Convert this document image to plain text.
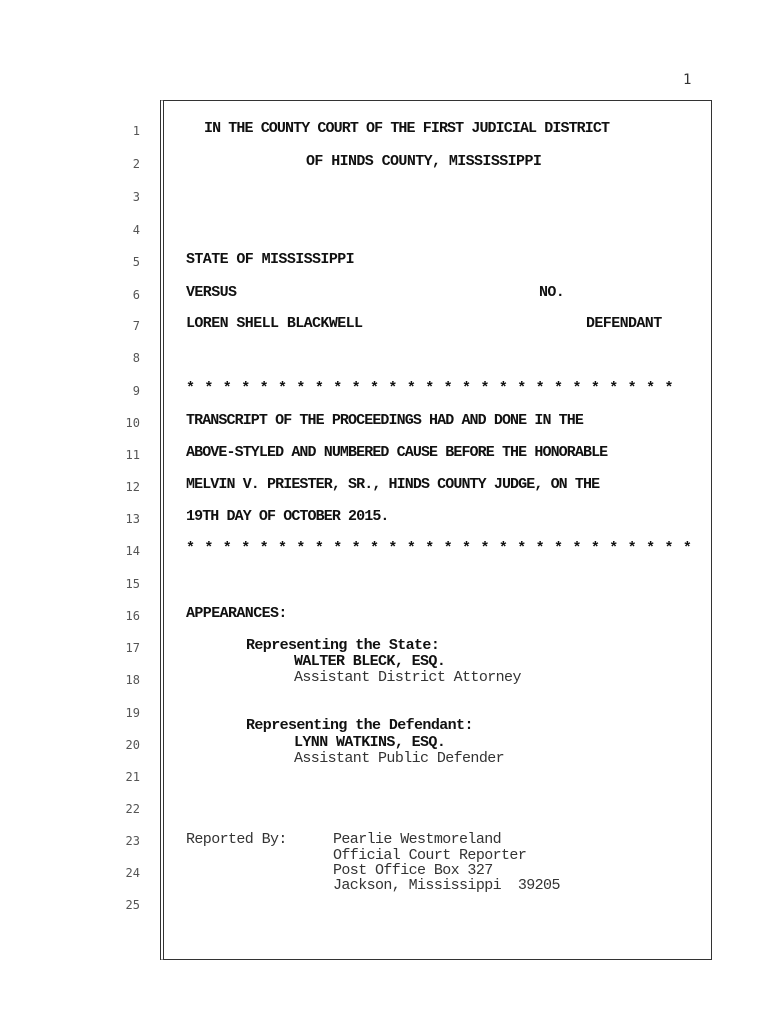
1
1
2
3
4
5
6
7
8
9
10
11
12
13
14
15
16
17
18
19
20
21
22
23
24
25
IN THE COUNTY COURT OF THE FIRST JUDICIAL DISTRICT
OF HINDS COUNTY, MISSISSIPPI
STATE OF MISSISSIPPI
VERSUS	NO.
LOREN SHELL BLACKWELL	DEFENDANT
* * * * * * * * * * * * * * * * * * * * * * * * * * *
TRANSCRIPT OF THE PROCEEDINGS HAD AND DONE IN THE
ABOVE-STYLED AND NUMBERED CAUSE BEFORE THE HONORABLE
MELVIN V. PRIESTER, SR., HINDS COUNTY JUDGE, ON THE
19TH DAY OF OCTOBER 2015.
* * * * * * * * * * * * * * * * * * * * * * * * * * * *
APPEARANCES:
Representing the State:
WALTER BLECK, ESQ.
Assistant District Attorney
Representing the Defendant:
LYNN WATKINS, ESQ.
Assistant Public Defender
Reported By:	Pearlie Westmoreland
Official Court Reporter
Post Office Box 327
Jackson, Mississippi  39205
